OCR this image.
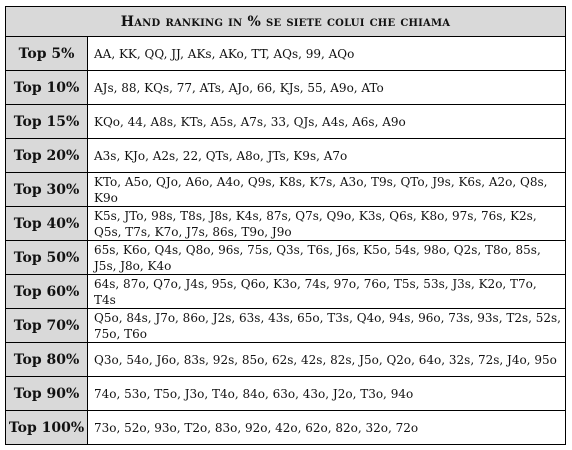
Hand ranking in % se siete colui che chiama	
Top 5%	AA, KK, QQ, JJ, AKs, AKo, TT, AQs, 99, AQo
Top 10%	AJs, 88, KQs, 77, ATs, AJo, 66, KJs, 55, A9o, ATo
Top 15%	KQo, 44, A8s, KTs, A5s, A7s, 33, QJs, A4s, A6s, A9o
Top 20%	A3s, KJo, A2s, 22, QTs, A8o, JTs, K9s, A7o
Top 30%	KTo, A5o, QJo, A6o, A4o, Q9s, K8s, K7s, A3o, T9s, QTo, J9s, K6s, A2o, Q8s, K9o
Top 40%	K5s, JTo, 98s, T8s, J8s, K4s, 87s, Q7s, Q9o, K3s, Q6s, K8o, 97s, 76s, K2s, Q5s, T7s, K7o, J7s, 86s, T9o, J9o
Top 50%	65s, K6o, Q4s, Q8o, 96s, 75s, Q3s, T6s, J6s, K5o, 54s, 98o, Q2s, T8o, 85s, J5s, J8o, K4o
Top 60%	64s, 87o, Q7o, J4s, 95s, Q6o, K3o, 74s, 97o, 76o, T5s, 53s, J3s, K2o, T7o, T4s
Top 70%	Q5o, 84s, J7o, 86o, J2s, 63s, 43s, 65o, T3s, Q4o, 94s, 96o, 73s, 93s, T2s, 52s, 75o, T6o
Top 80%	Q3o, 54o, J6o, 83s, 92s, 85o, 62s, 42s, 82s, J5o, Q2o, 64o, 32s, 72s, J4o, 95o
Top 90%	74o, 53o, T5o, J3o, T4o, 84o, 63o, 43o, J2o, T3o, 94o
Top 100%	73o, 52o, 93o, T2o, 83o, 92o, 42o, 62o, 82o, 32o, 72o
